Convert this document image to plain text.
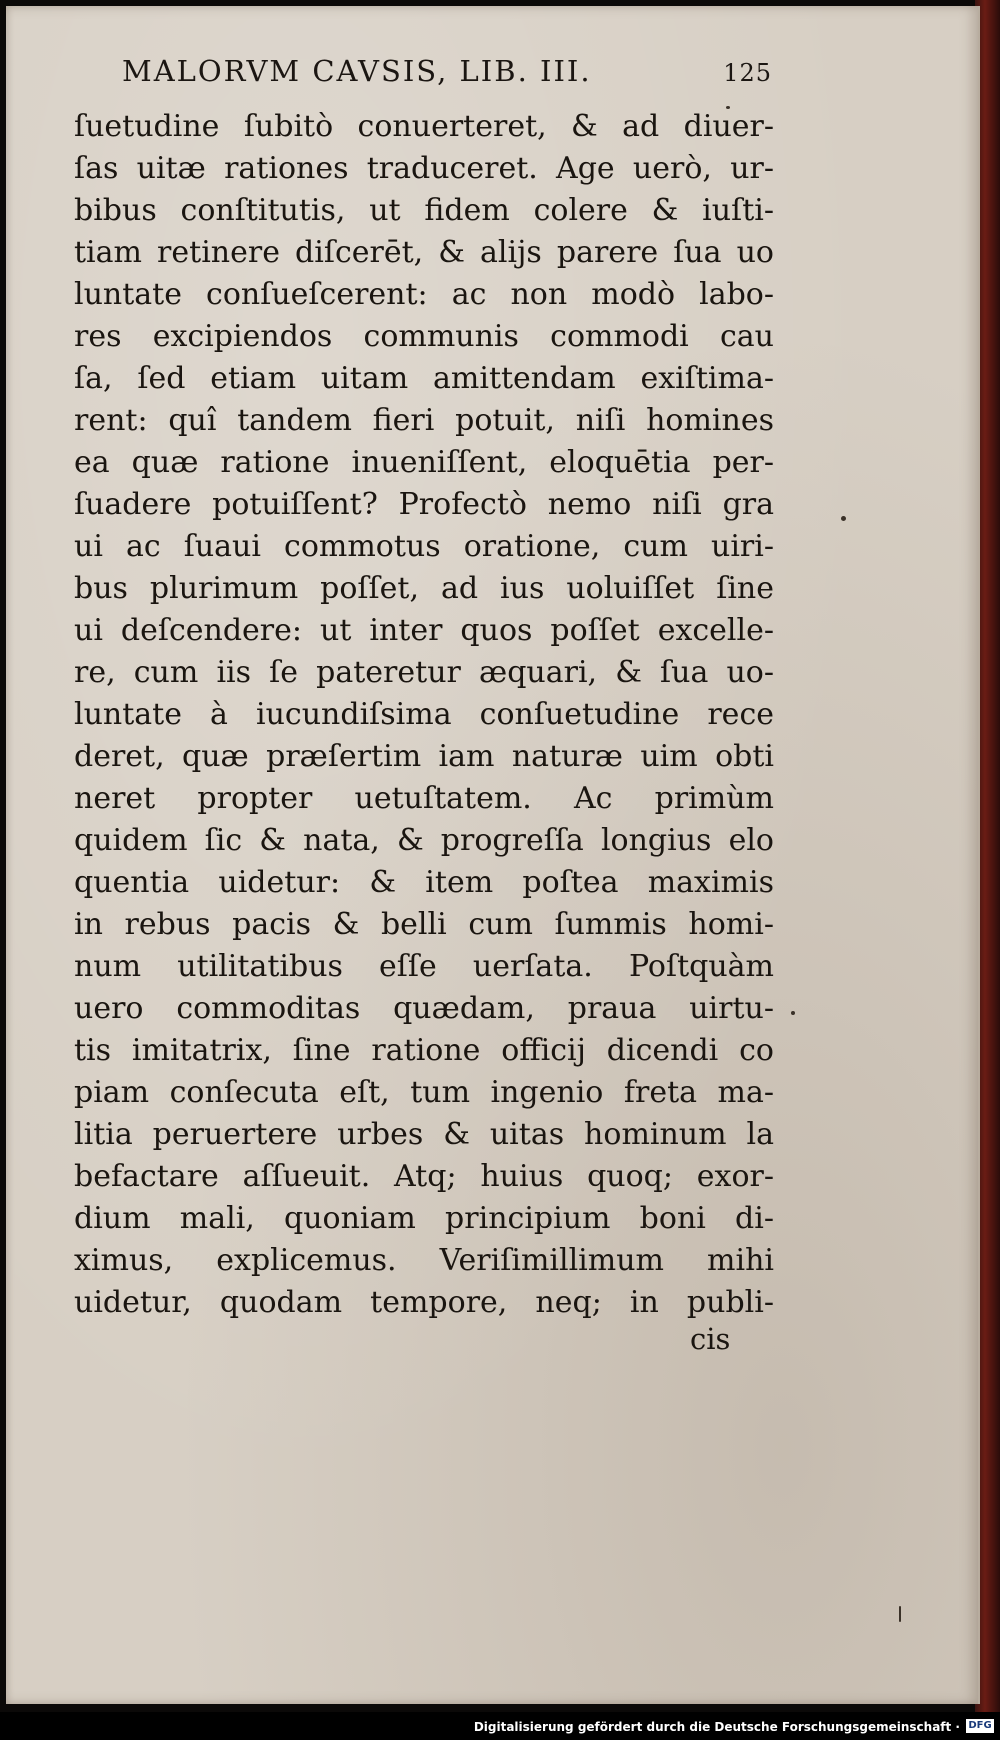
MALORVM CAVSIS, LIB. III.	125
ſuetudine ſubitò conuerteret, & ad diuer-
ſas uitæ rationes traduceret. Age uerò, ur-
bibus conſtitutis, ut fidem colere & iuſti-
tiam retinere diſcerēt, & alijs parere ſua uo
luntate conſueſcerent: ac non modò labo-
res excipiendos communis commodi cau
ſa, ſed etiam uitam amittendam exiſtima-
rent: quî tandem fieri potuit, niſi homines
ea quæ ratione inueniſſent, eloquētia per-
ſuadere potuiſſent? Profectò nemo niſi gra
ui ac ſuaui commotus oratione, cum uiri-
bus plurimum poſſet, ad ius uoluiſſet ſine
ui deſcendere: ut inter quos poſſet excelle-
re, cum iis ſe pateretur æquari, & ſua uo-
luntate à iucundiſsima conſuetudine rece
deret, quæ præſertim iam naturæ uim obti
neret propter uetuſtatem. Ac primùm
quidem ſic & nata, & progreſſa longius elo
quentia uidetur: & item poſtea maximis
in rebus pacis & belli cum ſummis homi-
num utilitatibus eſſe uerſata. Poſtquàm
uero commoditas quædam, praua uirtu-
tis imitatrix, ſine ratione officij dicendi co
piam conſecuta eſt, tum ingenio freta ma-
litia peruertere urbes & uitas hominum la
befactare aſſueuit. Atq; huius quoq; exor-
dium mali, quoniam principium boni di-
ximus, explicemus. Veriſimillimum mihi
uidetur, quodam tempore, neq; in publi-
cis
Digitalisierung gefördert durch die Deutsche Forschungsgemeinschaft · DFG
